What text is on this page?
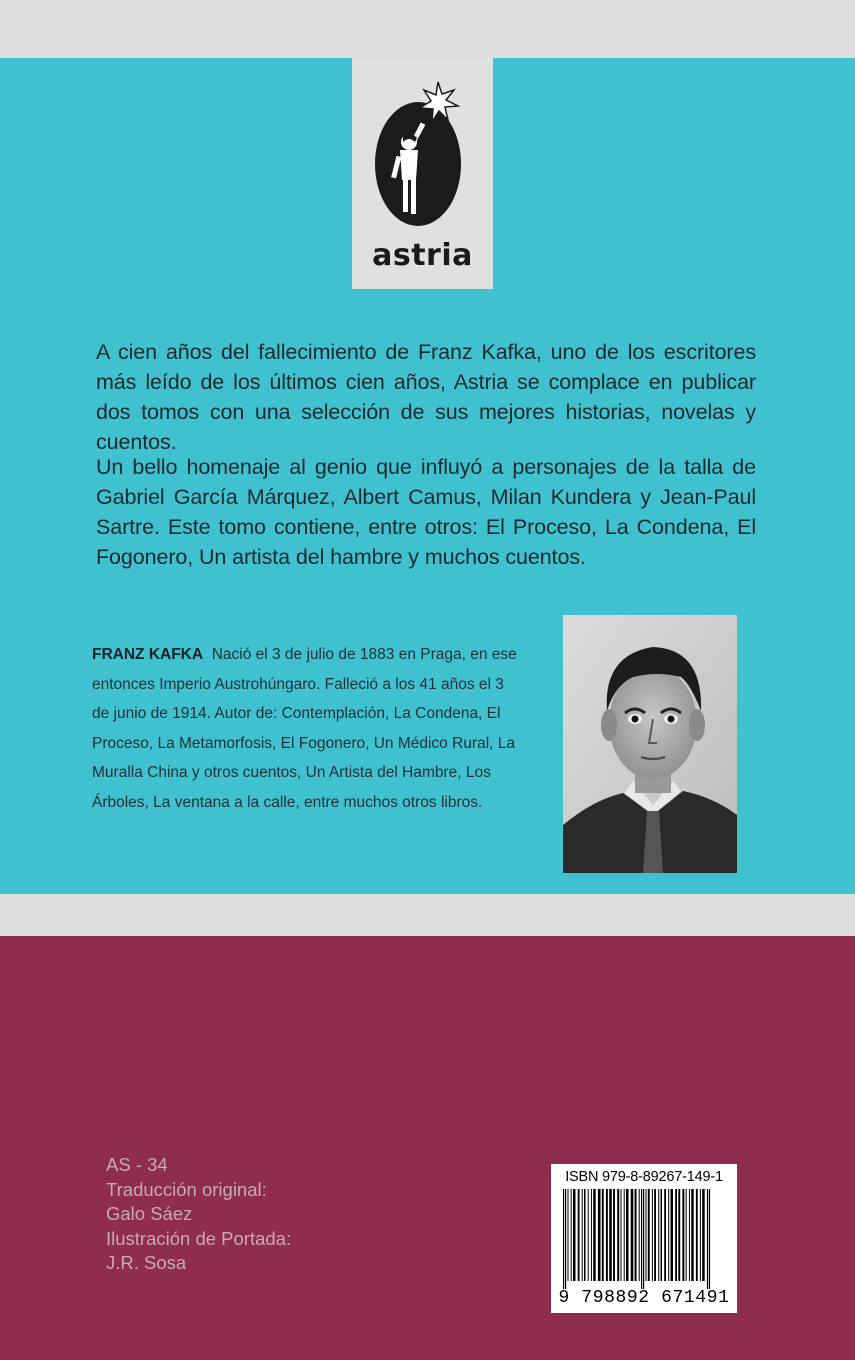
astria

A cien años del fallecimiento de Franz Kafka, uno de los escritores más leído de los últimos cien años, Astria se complace en publicar dos tomos con una selección de sus mejores historias, novelas y cuentos.

Un bello homenaje al genio que influyó a personajes de la talla de Gabriel García Márquez, Albert Camus, Milan Kundera y Jean-Paul Sartre. Este tomo contiene, entre otros: El Proceso, La Condena, El Fogonero, Un artista del hambre y muchos cuentos.

FRANZ KAFKA Nació el 3 de julio de 1883 en Praga, en ese entonces Imperio Austrohúngaro. Falleció a los 41 años el 3 de junio de 1914. Autor de: Contemplación, La Condena, El Proceso, La Metamorfosis, El Fogonero, Un Médico Rural, La Muralla China y otros cuentos, Un Artista del Hambre, Los Árboles, La ventana a la calle, entre muchos otros libros.

AS - 34
Traducción original:
Galo Sáez
Ilustración de Portada:
J.R. Sosa
ISBN 979-8-89267-149-1
9 798892 671491
